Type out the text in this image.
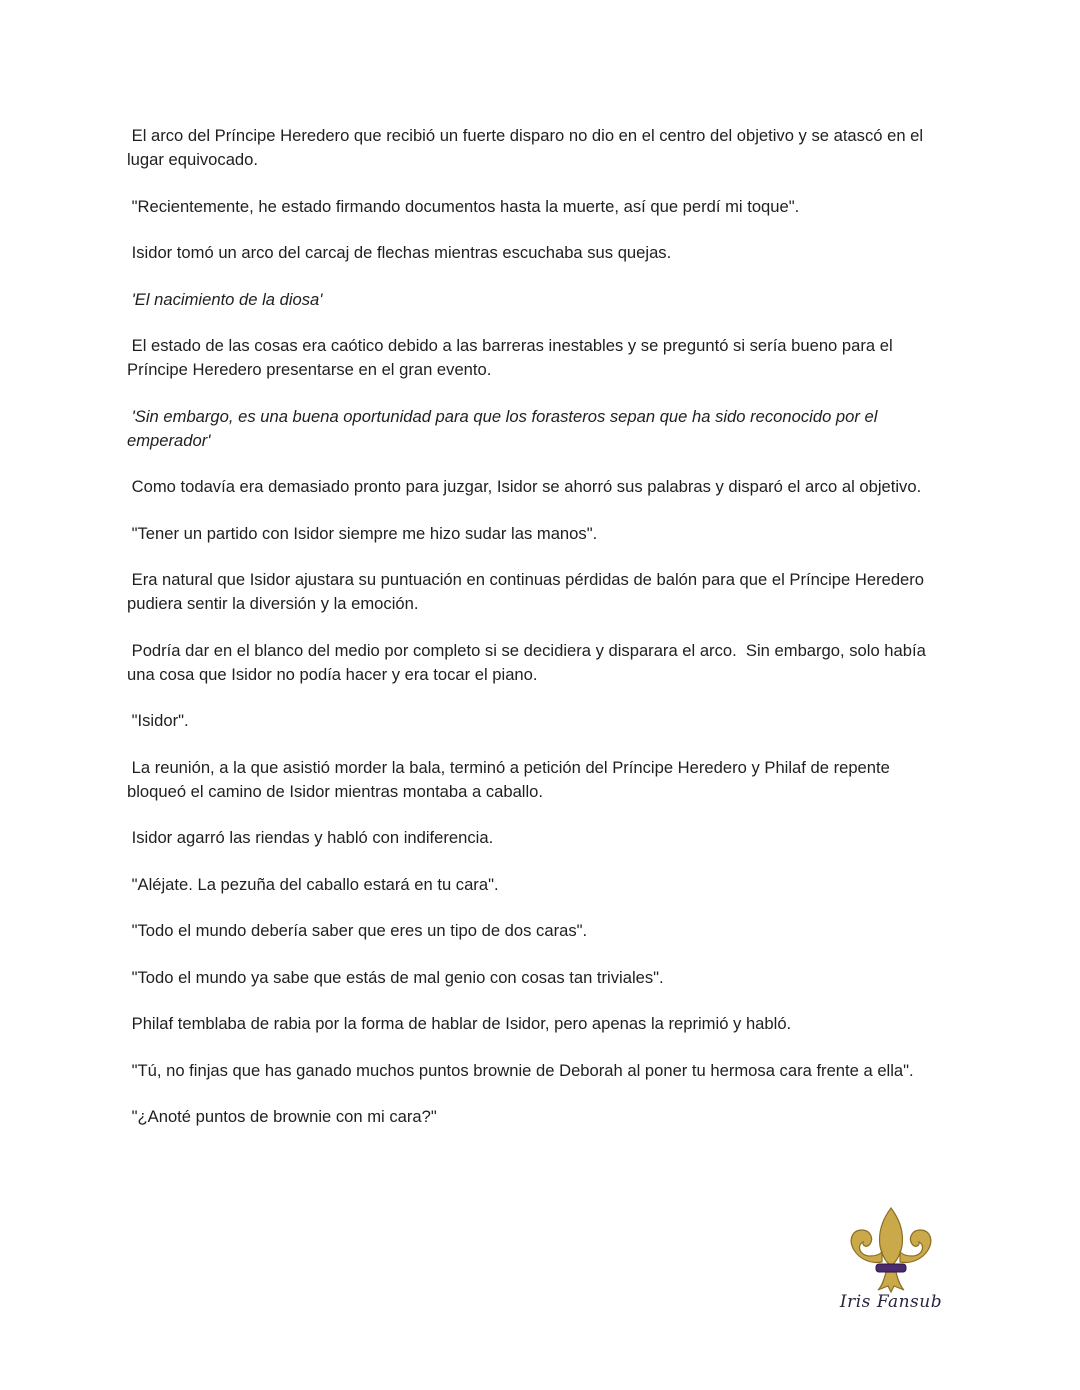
El arco del Príncipe Heredero que recibió un fuerte disparo no dio en el centro del objetivo y se atascó en el lugar equivocado.

"Recientemente, he estado firmando documentos hasta la muerte, así que perdí mi toque".

Isidor tomó un arco del carcaj de flechas mientras escuchaba sus quejas.

'El nacimiento de la diosa'

El estado de las cosas era caótico debido a las barreras inestables y se preguntó si sería bueno para el Príncipe Heredero presentarse en el gran evento.

'Sin embargo, es una buena oportunidad para que los forasteros sepan que ha sido reconocido por el emperador'

Como todavía era demasiado pronto para juzgar, Isidor se ahorró sus palabras y disparó el arco al objetivo.

"Tener un partido con Isidor siempre me hizo sudar las manos".

Era natural que Isidor ajustara su puntuación en continuas pérdidas de balón para que el Príncipe Heredero pudiera sentir la diversión y la emoción.

Podría dar en el blanco del medio por completo si se decidiera y disparara el arco.  Sin embargo, solo había una cosa que Isidor no podía hacer y era tocar el piano.

"Isidor".

La reunión, a la que asistió morder la bala, terminó a petición del Príncipe Heredero y Philaf de repente bloqueó el camino de Isidor mientras montaba a caballo.

Isidor agarró las riendas y habló con indiferencia.

"Aléjate. La pezuña del caballo estará en tu cara".

"Todo el mundo debería saber que eres un tipo de dos caras".

"Todo el mundo ya sabe que estás de mal genio con cosas tan triviales".

Philaf temblaba de rabia por la forma de hablar de Isidor, pero apenas la reprimió y habló.

"Tú, no finjas que has ganado muchos puntos brownie de Deborah al poner tu hermosa cara frente a ella".

"¿Anoté puntos de brownie con mi cara?"

Iris Fansub
